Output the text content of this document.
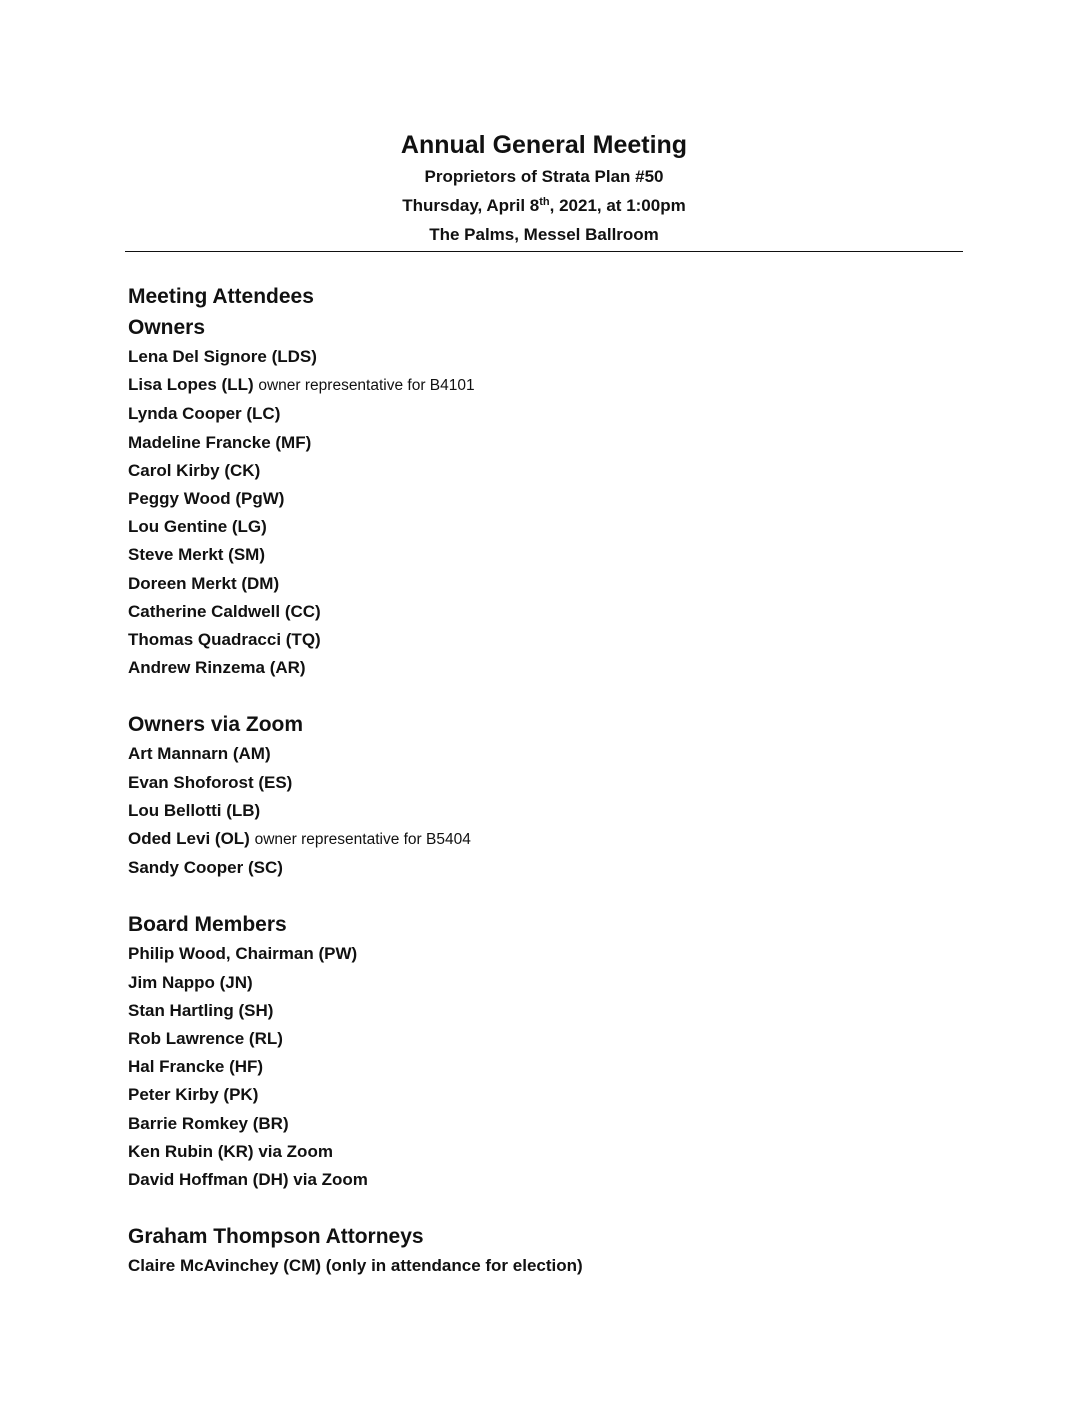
Annual General Meeting

Proprietors of Strata Plan #50

Thursday, April 8th, 2021, at 1:00pm

The Palms, Messel Ballroom

Meeting Attendees

Owners

Lena Del Signore (LDS)
Lisa Lopes (LL) owner representative for B4101
Lynda Cooper (LC)
Madeline Francke (MF)
Carol Kirby (CK)
Peggy Wood (PgW)
Lou Gentine (LG)
Steve Merkt (SM)
Doreen Merkt (DM)
Catherine Caldwell (CC)
Thomas Quadracci (TQ)
Andrew Rinzema (AR)

Owners via Zoom

Art Mannarn (AM)
Evan Shoforost (ES)
Lou Bellotti (LB)
Oded Levi (OL) owner representative for B5404
Sandy Cooper (SC)

Board Members

Philip Wood, Chairman (PW)
Jim Nappo (JN)
Stan Hartling (SH)
Rob Lawrence (RL)
Hal Francke (HF)
Peter Kirby (PK)
Barrie Romkey (BR)
Ken Rubin (KR) via Zoom
David Hoffman (DH) via Zoom

Graham Thompson Attorneys

Claire McAvinchey (CM) (only in attendance for election)
